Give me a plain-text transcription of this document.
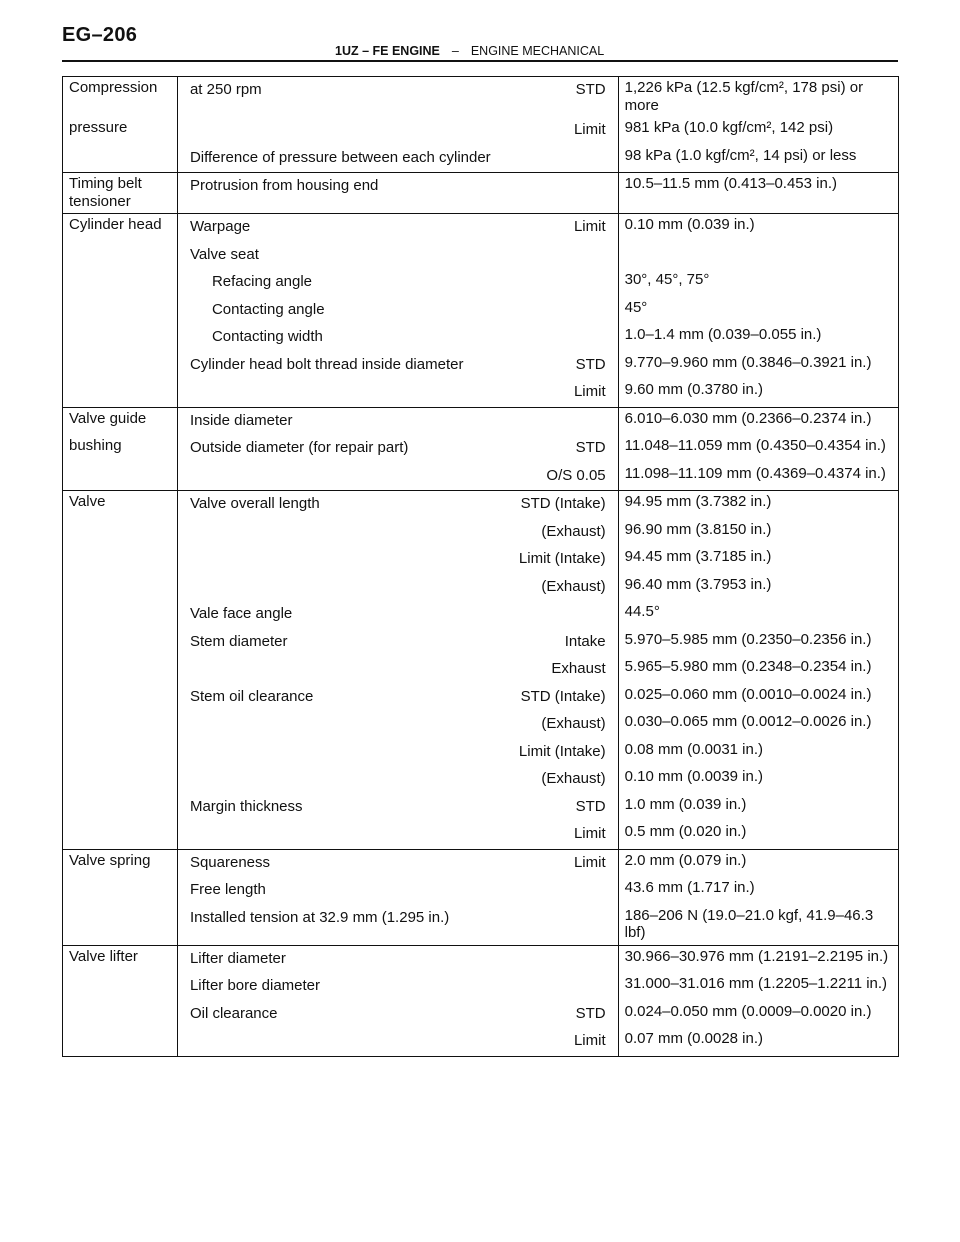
EG–206
1UZ – FE ENGINE – ENGINE MECHANICAL
Compression	at 250 rpm STD	1,226 kPa (12.5 kgf/cm², 178 psi) or more
pressure	Limit	981 kPa (10.0 kgf/cm², 142 psi)

	Difference of pressure between each cylinder	98 kPa (1.0 kgf/cm², 14 psi) or less
Timing belt tensioner	Protrusion from housing end	10.5–11.5 mm (0.413–0.453 in.)
Cylinder head	Warpage Limit	0.10 mm (0.039 in.)

	Valve seat	

	Refacing angle	30°, 45°, 75°

	Contacting angle	45°

	Contacting width	1.0–1.4 mm (0.039–0.055 in.)

	Cylinder head bolt thread inside diameter STD	9.770–9.960 mm (0.3846–0.3921 in.)

	Limit	9.60 mm (0.3780 in.)
Valve guide	Inside diameter	6.010–6.030 mm (0.2366–0.2374 in.)
bushing	Outside diameter (for repair part) STD	11.048–11.059 mm (0.4350–0.4354 in.)

	O/S 0.05	11.098–11.109 mm (0.4369–0.4374 in.)
Valve	Valve overall length STD (Intake)	94.95 mm (3.7382 in.)

	(Exhaust)	96.90 mm (3.8150 in.)

	Limit (Intake)	94.45 mm (3.7185 in.)

	(Exhaust)	96.40 mm (3.7953 in.)

	Vale face angle	44.5°

	Stem diameter Intake	5.970–5.985 mm (0.2350–0.2356 in.)

	Exhaust	5.965–5.980 mm (0.2348–0.2354 in.)

	Stem oil clearance STD (Intake)	0.025–0.060 mm (0.0010–0.0024 in.)

	(Exhaust)	0.030–0.065 mm (0.0012–0.0026 in.)

	Limit (Intake)	0.08 mm (0.0031 in.)

	(Exhaust)	0.10 mm (0.0039 in.)

	Margin thickness STD	1.0 mm (0.039 in.)

	Limit	0.5 mm (0.020 in.)
Valve spring	Squareness Limit	2.0 mm (0.079 in.)

	Free length	43.6 mm (1.717 in.)

	Installed tension at 32.9 mm (1.295 in.)	186–206 N (19.0–21.0 kgf, 41.9–46.3 lbf)
Valve lifter	Lifter diameter	30.966–30.976 mm (1.2191–2.2195 in.)

	Lifter bore diameter	31.000–31.016 mm (1.2205–1.2211 in.)

	Oil clearance STD	0.024–0.050 mm (0.0009–0.0020 in.)

	Limit	0.07 mm (0.0028 in.)
